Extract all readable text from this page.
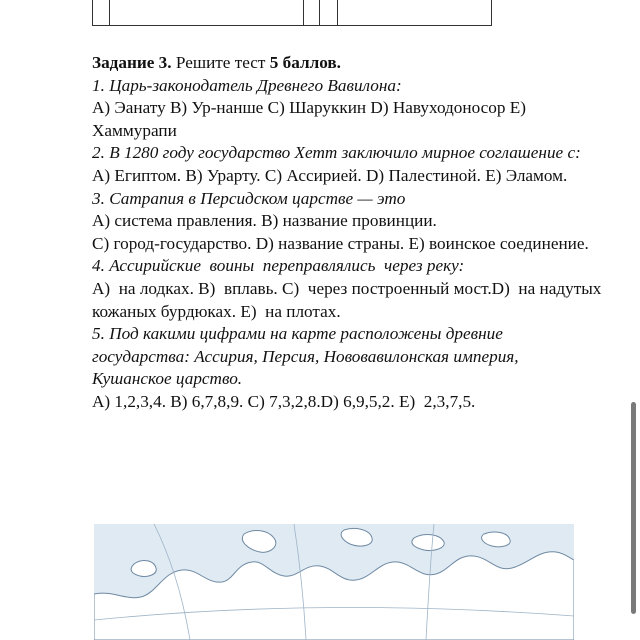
Задание 3. Решите тест 5 баллов.

1. Царь-законодатель Древнего Вавилона:

А) Эанату В) Ур-нанше С) Шаруккин D) Навуходоносор Е) Хаммурапи

2. В 1280 году государство Хетт заключило мирное соглашение с:

А) Египтом. В) Урарту. С) Ассирией. D) Палестиной. Е) Эламом.

3. Сатрапия в Персидском царстве — это

А) система правления. В) название провинции.

С) город-государство. D) название страны. Е) воинское соединение.

4. Ассирийские  воины  переправлялись  через реку:

А)  на лодках. В)  вплавь. С)  через построенный мост.D)  на надутых кожаных бурдюках. Е)  на плотах.

5. Под какими цифрами на карте расположены древние государства: Ассирия, Персия, Нововавилонская империя, Кушанское царство.

А) 1,2,3,4. В) 6,7,8,9. С) 7,3,2,8.D) 6,9,5,2. Е)  2,3,7,5.
